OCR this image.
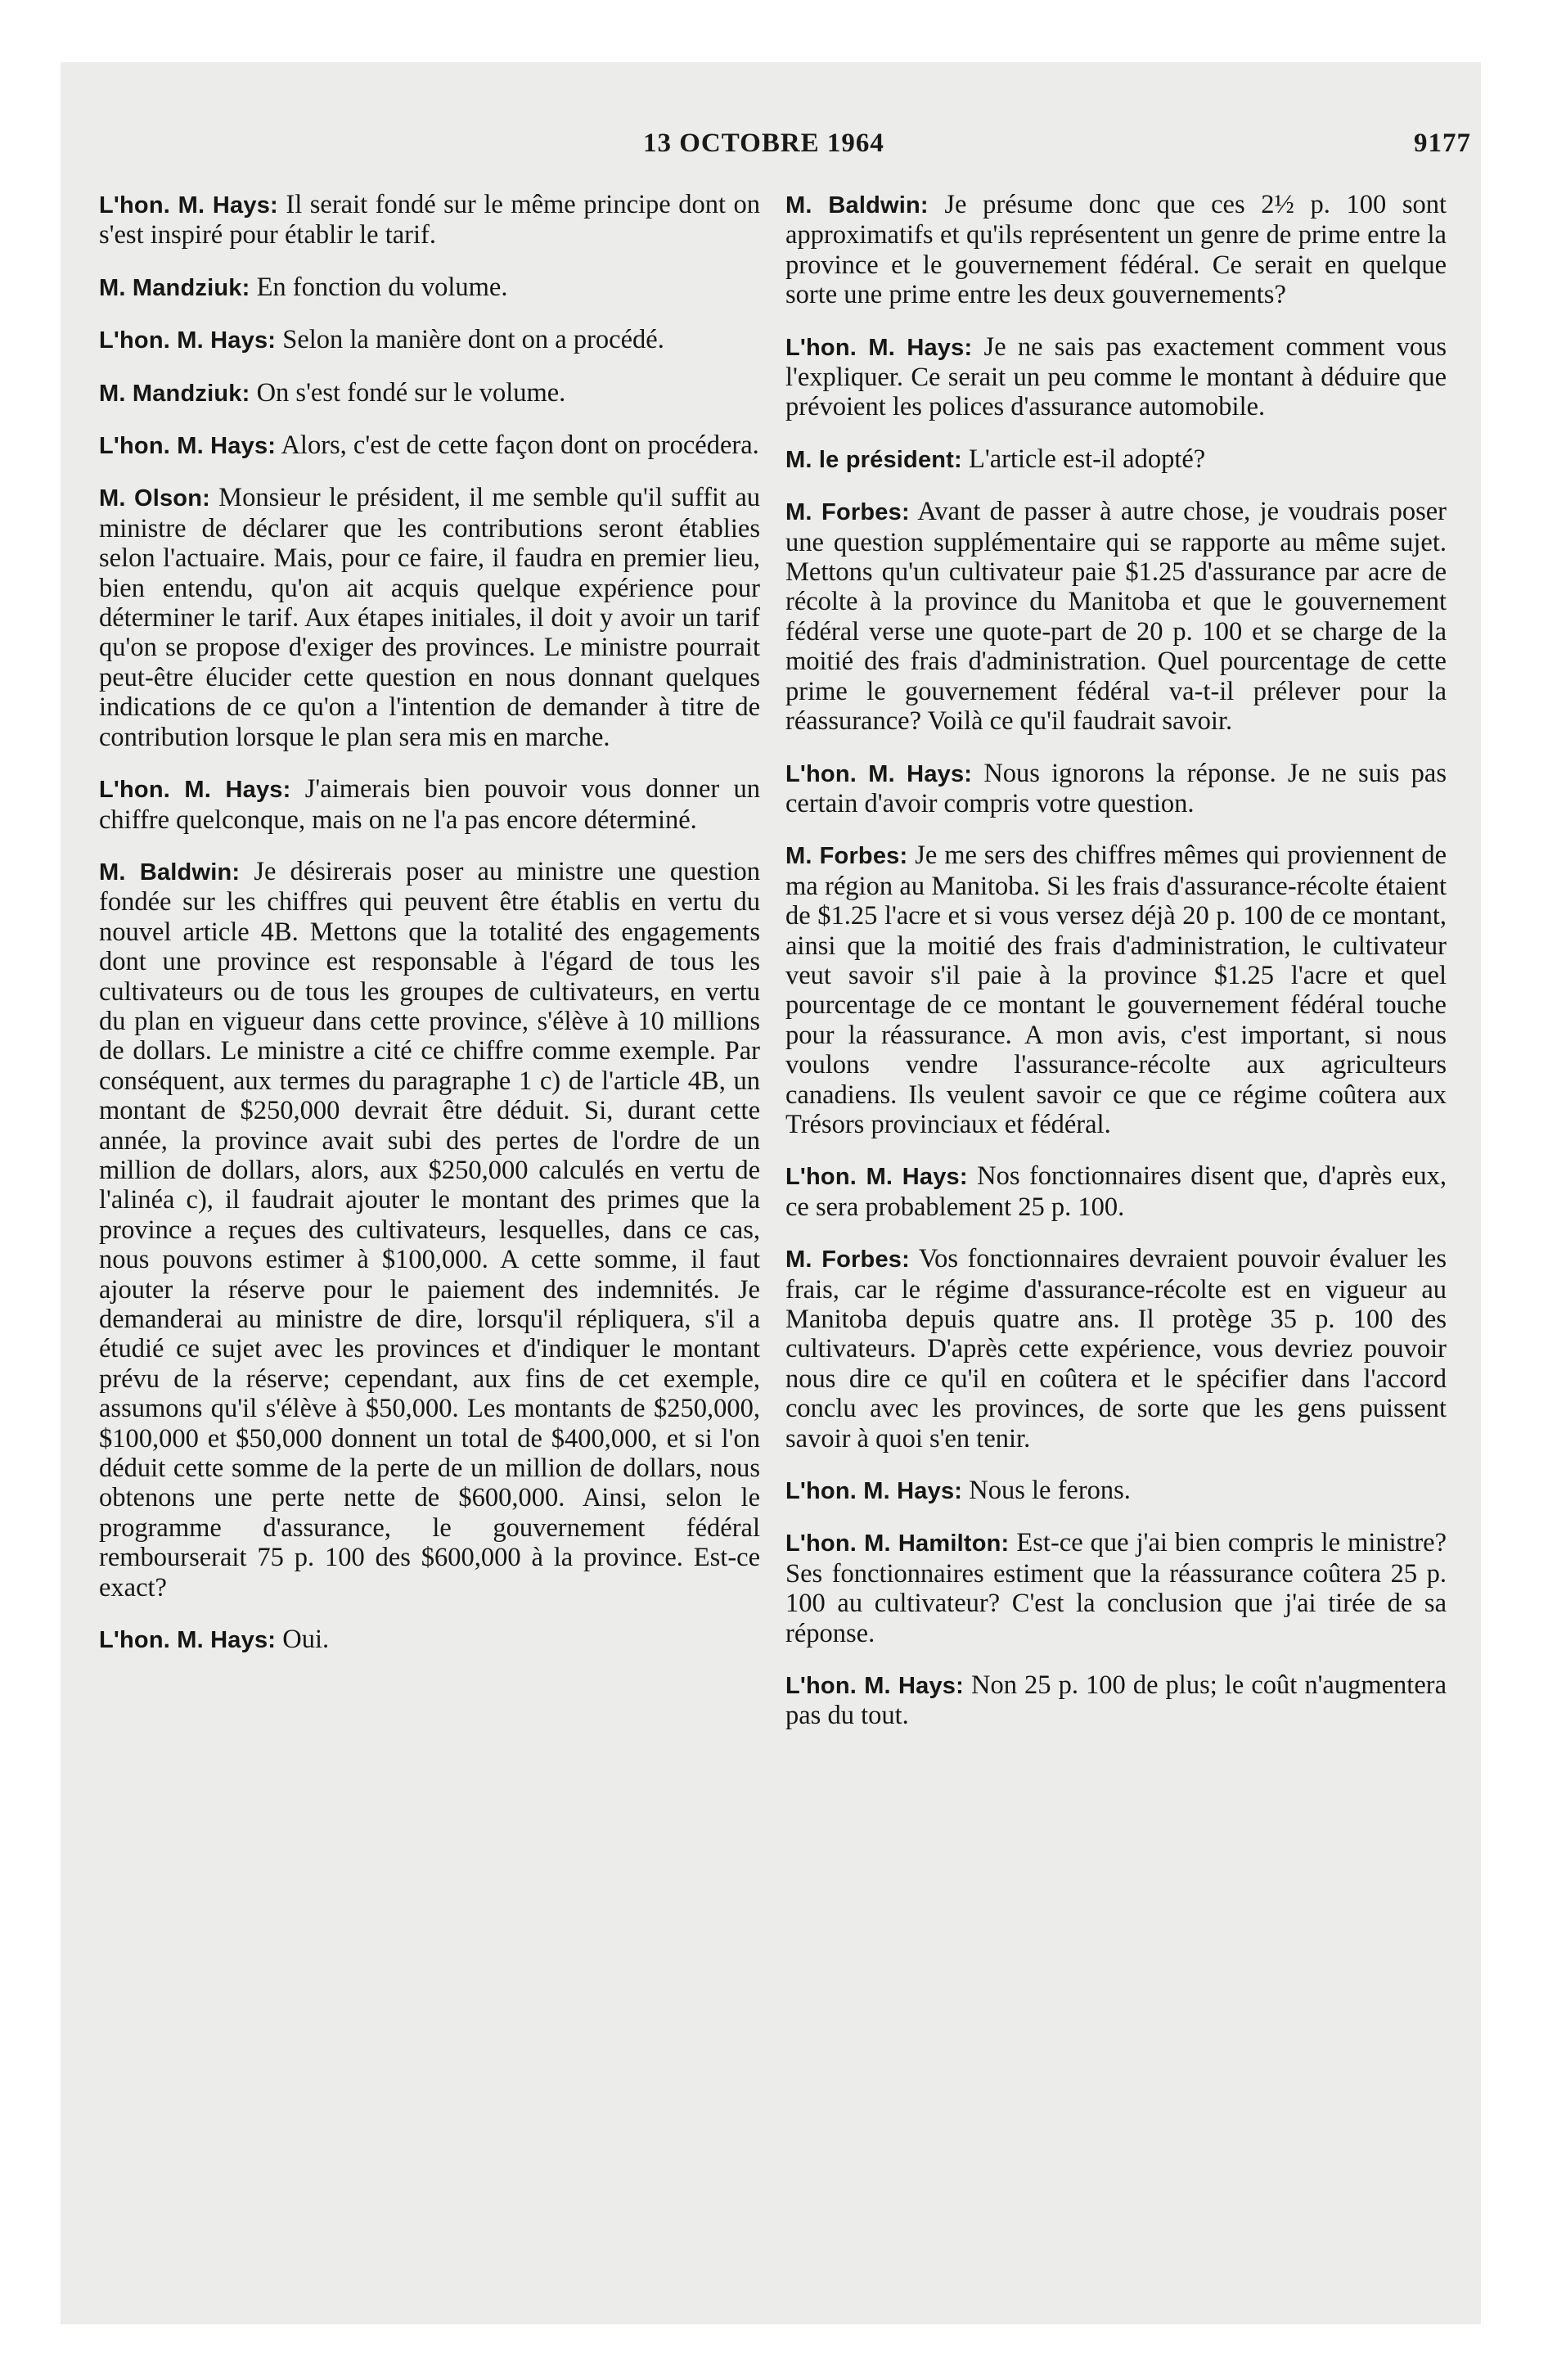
13 OCTOBRE 1964	9177

L'hon. M. Hays: Il serait fondé sur le même principe dont on s'est inspiré pour établir le tarif.

M. Mandziuk: En fonction du volume.

L'hon. M. Hays: Selon la manière dont on a procédé.

M. Mandziuk: On s'est fondé sur le volume.

L'hon. M. Hays: Alors, c'est de cette façon dont on procédera.

M. Olson: Monsieur le président, il me semble qu'il suffit au ministre de déclarer que les contributions seront établies selon l'actuaire. Mais, pour ce faire, il faudra en premier lieu, bien entendu, qu'on ait acquis quelque expérience pour déterminer le tarif. Aux étapes initiales, il doit y avoir un tarif qu'on se propose d'exiger des provinces. Le ministre pourrait peut-être élucider cette question en nous donnant quelques indications de ce qu'on a l'intention de demander à titre de contribution lorsque le plan sera mis en marche.

L'hon. M. Hays: J'aimerais bien pouvoir vous donner un chiffre quelconque, mais on ne l'a pas encore déterminé.

M. Baldwin: Je désirerais poser au ministre une question fondée sur les chiffres qui peuvent être établis en vertu du nouvel article 4B. Mettons que la totalité des engagements dont une province est responsable à l'égard de tous les cultivateurs ou de tous les groupes de cultivateurs, en vertu du plan en vigueur dans cette province, s'élève à 10 millions de dollars. Le ministre a cité ce chiffre comme exemple. Par conséquent, aux termes du paragraphe 1 c) de l'article 4B, un montant de $250,000 devrait être déduit. Si, durant cette année, la province avait subi des pertes de l'ordre de un million de dollars, alors, aux $250,000 calculés en vertu de l'alinéa c), il faudrait ajouter le montant des primes que la province a reçues des cultivateurs, lesquelles, dans ce cas, nous pouvons estimer à $100,000. A cette somme, il faut ajouter la réserve pour le paiement des indemnités. Je demanderai au ministre de dire, lorsqu'il répliquera, s'il a étudié ce sujet avec les provinces et d'indiquer le montant prévu de la réserve; cependant, aux fins de cet exemple, assumons qu'il s'élève à $50,000. Les montants de $250,000, $100,000 et $50,000 donnent un total de $400,000, et si l'on déduit cette somme de la perte de un million de dollars, nous obtenons une perte nette de $600,000. Ainsi, selon le programme d'assurance, le gouvernement fédéral rembourserait 75 p. 100 des $600,000 à la province. Est-ce exact?

L'hon. M. Hays: Oui.

M. Baldwin: Je présume donc que ces 2½ p. 100 sont approximatifs et qu'ils représentent un genre de prime entre la province et le gouvernement fédéral. Ce serait en quelque sorte une prime entre les deux gouvernements?

L'hon. M. Hays: Je ne sais pas exactement comment vous l'expliquer. Ce serait un peu comme le montant à déduire que prévoient les polices d'assurance automobile.

M. le président: L'article est-il adopté?

M. Forbes: Avant de passer à autre chose, je voudrais poser une question supplémentaire qui se rapporte au même sujet. Mettons qu'un cultivateur paie $1.25 d'assurance par acre de récolte à la province du Manitoba et que le gouvernement fédéral verse une quote-part de 20 p. 100 et se charge de la moitié des frais d'administration. Quel pourcentage de cette prime le gouvernement fédéral va-t-il prélever pour la réassurance? Voilà ce qu'il faudrait savoir.

L'hon. M. Hays: Nous ignorons la réponse. Je ne suis pas certain d'avoir compris votre question.

M. Forbes: Je me sers des chiffres mêmes qui proviennent de ma région au Manitoba. Si les frais d'assurance-récolte étaient de $1.25 l'acre et si vous versez déjà 20 p. 100 de ce montant, ainsi que la moitié des frais d'administration, le cultivateur veut savoir s'il paie à la province $1.25 l'acre et quel pourcentage de ce montant le gouvernement fédéral touche pour la réassurance. A mon avis, c'est important, si nous voulons vendre l'assurance-récolte aux agriculteurs canadiens. Ils veulent savoir ce que ce régime coûtera aux Trésors provinciaux et fédéral.

L'hon. M. Hays: Nos fonctionnaires disent que, d'après eux, ce sera probablement 25 p. 100.

M. Forbes: Vos fonctionnaires devraient pouvoir évaluer les frais, car le régime d'assurance-récolte est en vigueur au Manitoba depuis quatre ans. Il protège 35 p. 100 des cultivateurs. D'après cette expérience, vous devriez pouvoir nous dire ce qu'il en coûtera et le spécifier dans l'accord conclu avec les provinces, de sorte que les gens puissent savoir à quoi s'en tenir.

L'hon. M. Hays: Nous le ferons.

L'hon. M. Hamilton: Est-ce que j'ai bien compris le ministre? Ses fonctionnaires estiment que la réassurance coûtera 25 p. 100 au cultivateur? C'est la conclusion que j'ai tirée de sa réponse.

L'hon. M. Hays: Non 25 p. 100 de plus; le coût n'augmentera pas du tout.
